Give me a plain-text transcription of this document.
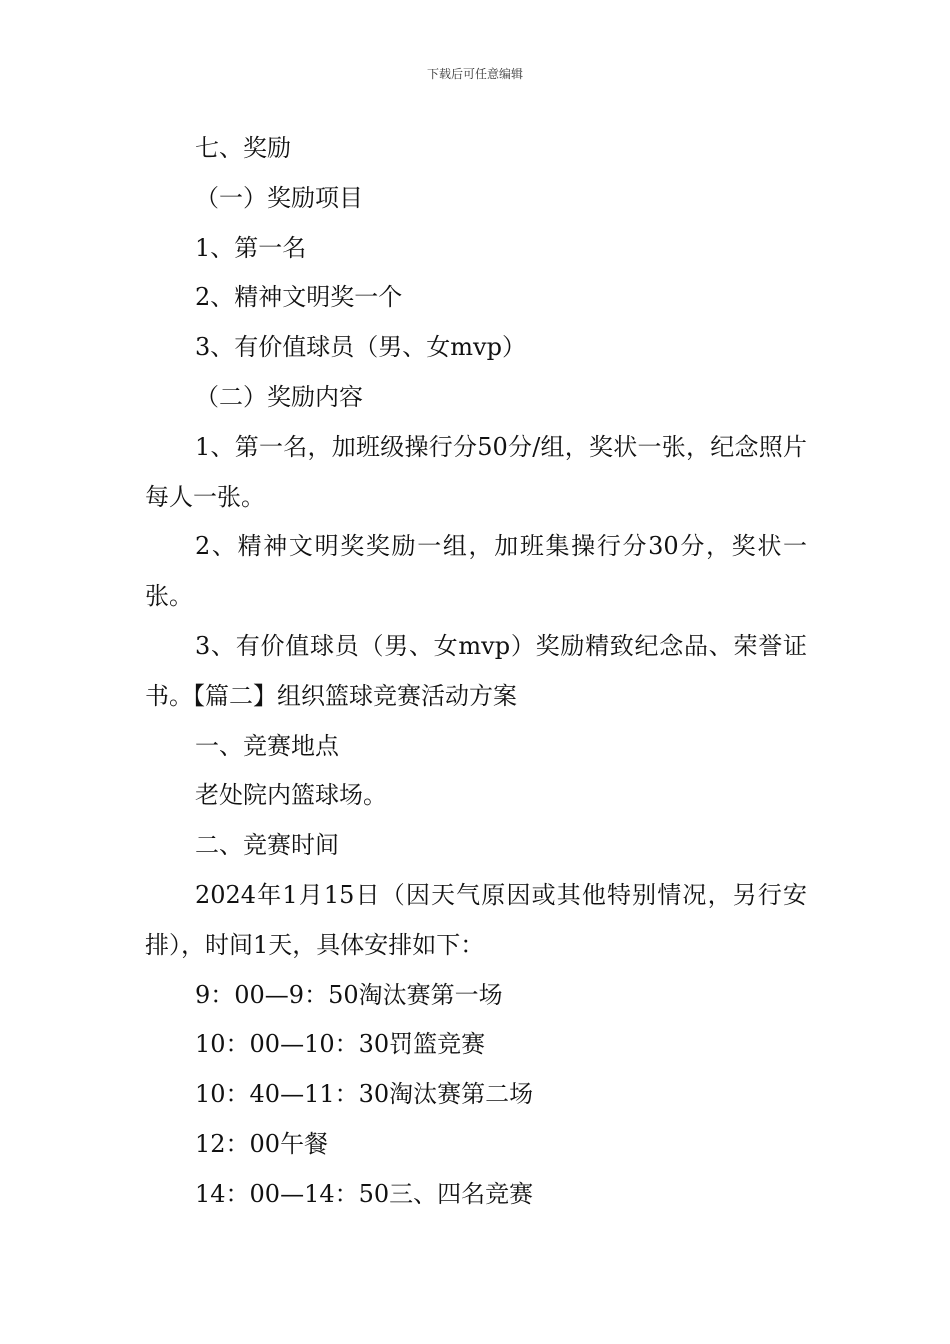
下载后可任意编辑

七、奖励

（一）奖励项目

1、第一名

2、精神文明奖一个

3、有价值球员（男、女mvp）

（二）奖励内容

1、第一名，加班级操行分50分/组，奖状一张，纪念照片每人一张。

2、精神文明奖奖励一组，加班集操行分30分，奖状一张。

3、有价值球员（男、女mvp）奖励精致纪念品、荣誉证书。【篇二】组织篮球竞赛活动方案

一、竞赛地点

老处院内篮球场。

二、竞赛时间

2024年1月15日（因天气原因或其他特别情况，另行安排），时间1天，具体安排如下：

9：00—9：50淘汰赛第一场

10：00—10：30罚篮竞赛

10：40—11：30淘汰赛第二场

12：00午餐

14：00—14：50三、四名竞赛
